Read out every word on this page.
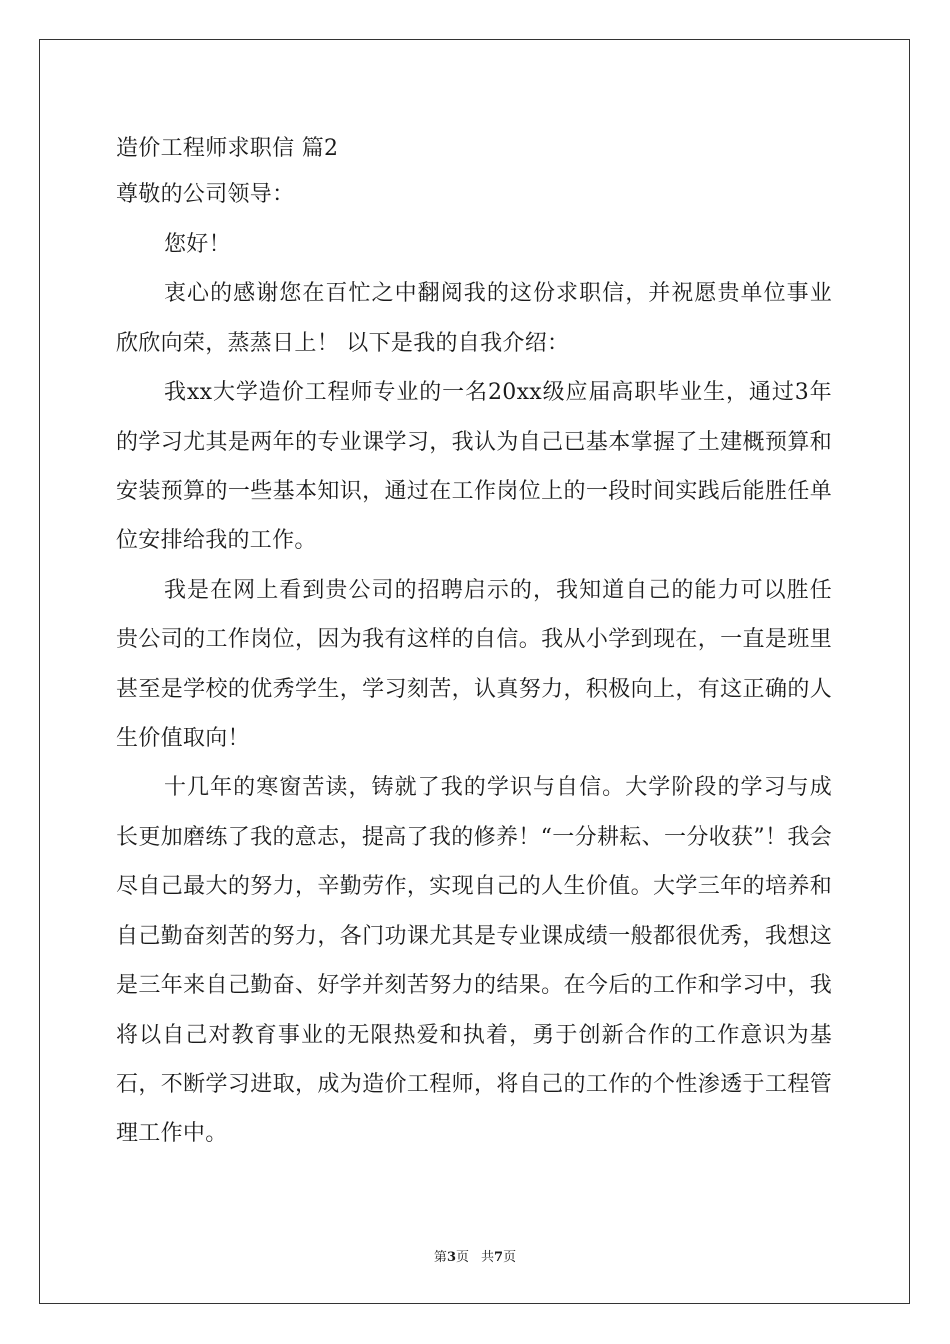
造价工程师求职信 篇2

尊敬的公司领导：

您好！

衷心的感谢您在百忙之中翻阅我的这份求职信，并祝愿贵单位事业欣欣向荣，蒸蒸日上！ 以下是我的自我介绍：

我xx大学造价工程师专业的一名20xx级应届高职毕业生，通过3年的学习尤其是两年的专业课学习，我认为自己已基本掌握了土建概预算和安装预算的一些基本知识，通过在工作岗位上的一段时间实践后能胜任单位安排给我的工作。

我是在网上看到贵公司的招聘启示的，我知道自己的能力可以胜任贵公司的工作岗位，因为我有这样的自信。我从小学到现在，一直是班里甚至是学校的优秀学生，学习刻苦，认真努力，积极向上，有这正确的人生价值取向！

十几年的寒窗苦读，铸就了我的学识与自信。大学阶段的学习与成长更加磨练了我的意志，提高了我的修养！“一分耕耘、一分收获”！我会尽自己最大的努力，辛勤劳作，实现自己的人生价值。大学三年的培养和自己勤奋刻苦的努力，各门功课尤其是专业课成绩一般都很优秀，我想这是三年来自己勤奋、好学并刻苦努力的结果。在今后的工作和学习中，我将以自己对教育事业的无限热爱和执着，勇于创新合作的工作意识为基石，不断学习进取，成为造价工程师，将自己的工作的个性渗透于工程管理工作中。

第3页 共7页
